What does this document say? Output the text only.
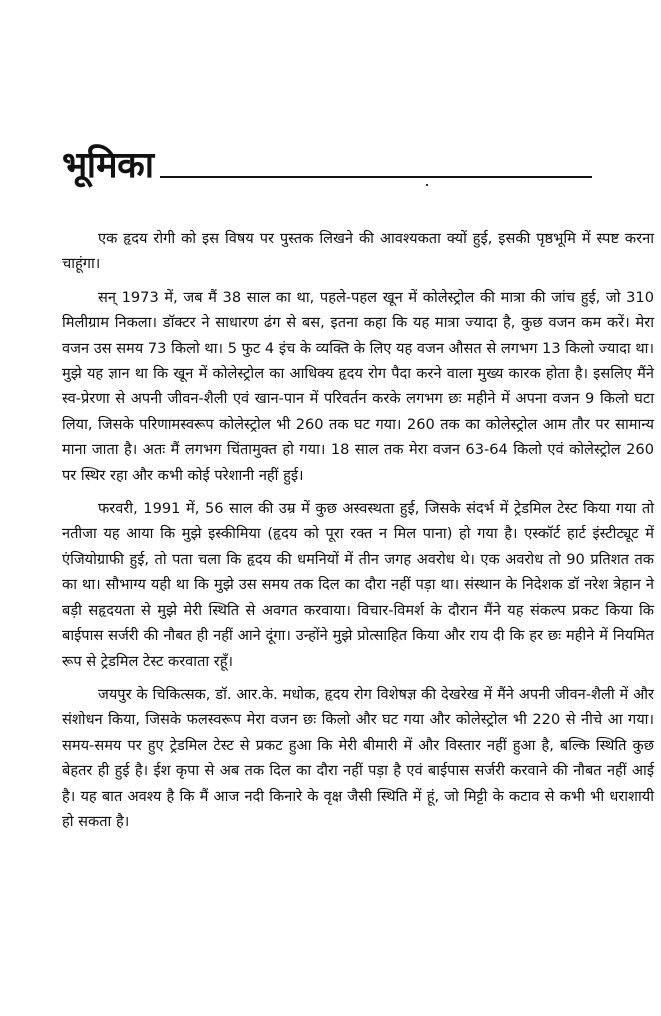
भूमिका

एक हृदय रोगी को इस विषय पर पुस्तक लिखने की आवश्यकता क्यों हुई, इसकी पृष्ठभूमि में स्पष्ट करना चाहूंगा।

सन् 1973 में, जब मैं 38 साल का था, पहले-पहल खून में कोलेस्ट्रोल की मात्रा की जांच हुई, जो 310 मिलीग्राम निकला। डॉक्टर ने साधारण ढंग से बस, इतना कहा कि यह मात्रा ज्यादा है, कुछ वजन कम करें। मेरा वजन उस समय 73 किलो था। 5 फुट 4 इंच के व्यक्ति के लिए यह वजन औसत से लगभग 13 किलो ज्यादा था। मुझे यह ज्ञान था कि खून में कोलेस्ट्रोल का आधिक्य हृदय रोग पैदा करने वाला मुख्य कारक होता है। इसलिए मैंने स्व-प्रेरणा से अपनी जीवन-शैली एवं खान-पान में परिवर्तन करके लगभग छः महीने में अपना वजन 9 किलो घटा लिया, जिसके परिणामस्वरूप कोलेस्ट्रोल भी 260 तक घट गया। 260 तक का कोलेस्ट्रोल आम तौर पर सामान्य माना जाता है। अतः मैं लगभग चिंतामुक्त हो गया। 18 साल तक मेरा वजन 63-64 किलो एवं कोलेस्ट्रोल 260 पर स्थिर रहा और कभी कोई परेशानी नहीं हुई।

फरवरी, 1991 में, 56 साल की उम्र में कुछ अस्वस्थता हुई, जिसके संदर्भ में ट्रेडमिल टेस्ट किया गया तो नतीजा यह आया कि मुझे इस्कीमिया (हृदय को पूरा रक्त न मिल पाना) हो गया है। एस्कॉर्ट हार्ट इंस्टीट्यूट में एंजियोग्राफी हुई, तो पता चला कि हृदय की धमनियों में तीन जगह अवरोध थे। एक अवरोध तो 90 प्रतिशत तक का था। सौभाग्य यही था कि मुझे उस समय तक दिल का दौरा नहीं पड़ा था। संस्थान के निदेशक डॉ नरेश त्रेहान ने बड़ी सहृदयता से मुझे मेरी स्थिति से अवगत करवाया। विचार-विमर्श के दौरान मैंने यह संकल्प प्रकट किया कि बाईपास सर्जरी की नौबत ही नहीं आने दूंगा। उन्होंने मुझे प्रोत्साहित किया और राय दी कि हर छः महीने में नियमित रूप से ट्रेडमिल टेस्ट करवाता रहूँ।

जयपुर के चिकित्सक, डॉ. आर.के. मधोक, हृदय रोग विशेषज्ञ की देखरेख में मैंने अपनी जीवन-शैली में और संशोधन किया, जिसके फलस्वरूप मेरा वजन छः किलो और घट गया और कोलेस्ट्रोल भी 220 से नीचे आ गया। समय-समय पर हुए ट्रेडमिल टेस्ट से प्रकट हुआ कि मेरी बीमारी में और विस्तार नहीं हुआ है, बल्कि स्थिति कुछ बेहतर ही हुई है। ईश कृपा से अब तक दिल का दौरा नहीं पड़ा है एवं बाईपास सर्जरी करवाने की नौबत नहीं आई है। यह बात अवश्य है कि मैं आज नदी किनारे के वृक्ष जैसी स्थिति में हूं, जो मिट्टी के कटाव से कभी भी धराशायी हो सकता है।
